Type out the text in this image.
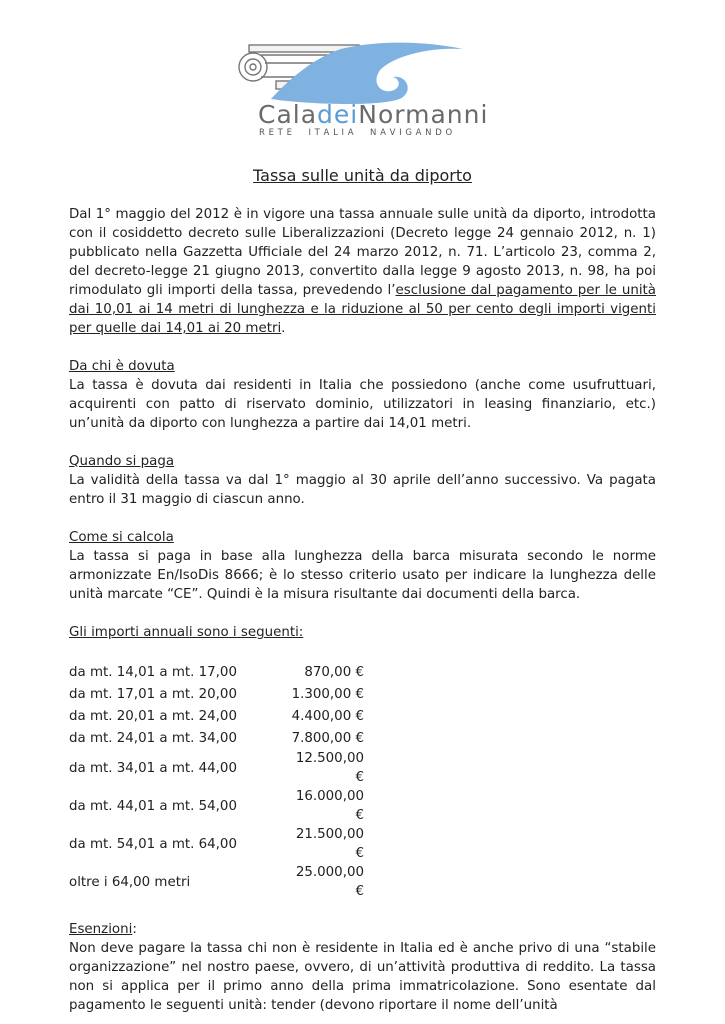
CaladeiNormanni
R E T E     I T A L I A     N A V I G A N D O
Tassa sulle unità da diporto

Dal 1° maggio del 2012 è in vigore una tassa annuale sulle unità da diporto, introdotta con il cosiddetto decreto sulle Liberalizzazioni (Decreto legge 24 gennaio 2012, n. 1) pubblicato nella Gazzetta Ufficiale del 24 marzo 2012, n. 71. L’articolo 23, comma 2, del decreto-legge 21 giugno 2013, convertito dalla legge 9 agosto 2013, n. 98, ha poi rimodulato gli importi della tassa, prevedendo l’esclusione dal pagamento per le unità dai 10,01 ai 14 metri di lunghezza e la riduzione al 50 per cento degli importi vigenti per quelle dai 14,01 ai 20 metri.

Da chi è dovuta

La tassa è dovuta dai residenti in Italia che possiedono (anche come usufruttuari, acquirenti con patto di riservato dominio, utilizzatori in leasing finanziario, etc.) un’unità da diporto con lunghezza a partire dai 14,01 metri.

Quando si paga

La validità della tassa va dal 1° maggio al 30 aprile dell’anno successivo. Va pagata entro il 31 maggio di ciascun anno.

Come si calcola

La tassa si paga in base alla lunghezza della barca misurata secondo le norme armonizzate En/IsoDis 8666; è lo stesso criterio usato per indicare la lunghezza delle unità marcate “CE”. Quindi è la misura risultante dai documenti della barca.

Gli importi annuali sono i seguenti:

da mt. 14,01 a mt. 17,00	870,00 €
da mt. 17,01 a mt. 20,00	1.300,00 €
da mt. 20,01 a mt. 24,00	4.400,00 €
da mt. 24,01 a mt. 34,00	7.800,00 €
da mt. 34,01 a mt. 44,00	12.500,00 €
da mt. 44,01 a mt. 54,00	16.000,00 €
da mt. 54,01 a mt. 64,00	21.500,00 €
oltre i 64,00 metri	25.000,00 €

Esenzioni:

Non deve pagare la tassa chi non è residente in Italia ed è anche privo di una “stabile organizzazione” nel nostro paese, ovvero, di un’attività produttiva di reddito. La tassa non si applica per il primo anno della prima immatricolazione. Sono esentate dal pagamento le seguenti unità: tender (devono riportare il nome dell’unità
